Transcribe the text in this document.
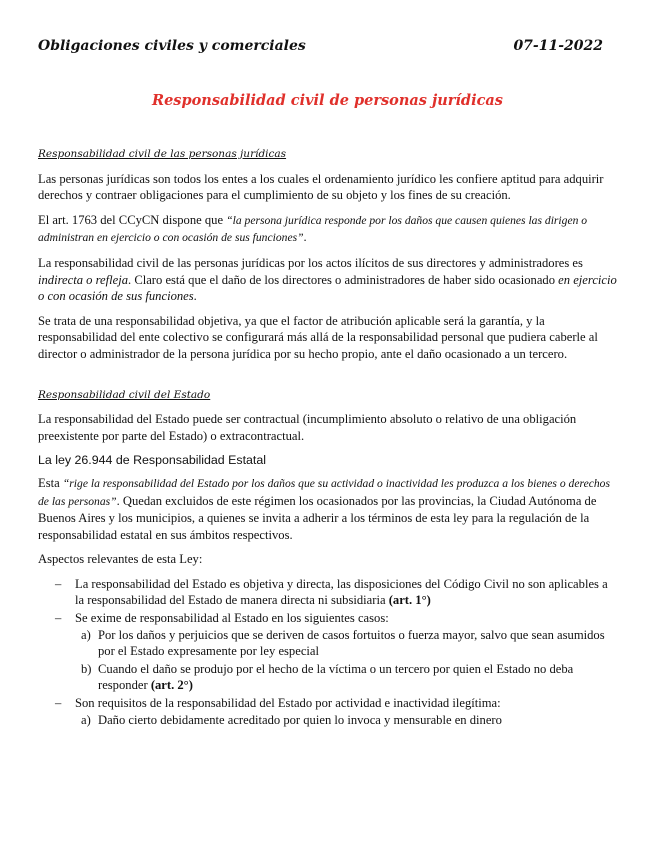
Obligaciones civiles y comerciales	07-11-2022
Responsabilidad civil de personas jurídicas
Responsabilidad civil de las personas jurídicas

Las personas jurídicas son todos los entes a los cuales el ordenamiento jurídico les confiere aptitud para adquirir derechos y contraer obligaciones para el cumplimiento de su objeto y los fines de su creación.

El art. 1763 del CCyCN dispone que “la persona jurídica responde por los daños que causen quienes las dirigen o administran en ejercicio o con ocasión de sus funciones”.

La responsabilidad civil de las personas jurídicas por los actos ilícitos de sus directores y administradores es indirecta o refleja. Claro está que el daño de los directores o administradores de haber sido ocasionado en ejercicio o con ocasión de sus funciones.

Se trata de una responsabilidad objetiva, ya que el factor de atribución aplicable será la garantía, y la responsabilidad del ente colectivo se configurará más allá de la responsabilidad personal que pudiera caberle al director o administrador de la persona jurídica por su hecho propio, ante el daño ocasionado a un tercero.

Responsabilidad civil del Estado

La responsabilidad del Estado puede ser contractual (incumplimiento absoluto o relativo de una obligación preexistente por parte del Estado) o extracontractual.

La ley 26.944 de Responsabilidad Estatal

Esta “rige la responsabilidad del Estado por los daños que su actividad o inactividad les produzca a los bienes o derechos de las personas”. Quedan excluidos de este régimen los ocasionados por las provincias, la Ciudad Autónoma de Buenos Aires y los municipios, a quienes se invita a adherir a los términos de esta ley para la regulación de la responsabilidad estatal en sus ámbitos respectivos.

Aspectos relevantes de esta Ley:

– La responsabilidad del Estado es objetiva y directa, las disposiciones del Código Civil no son aplicables a la responsabilidad del Estado de manera directa ni subsidiaria (art. 1°)
– Se exime de responsabilidad al Estado en los siguientes casos:
a) Por los daños y perjuicios que se deriven de casos fortuitos o fuerza mayor, salvo que sean asumidos por el Estado expresamente por ley especial
b) Cuando el daño se produjo por el hecho de la víctima o un tercero por quien el Estado no deba responder (art. 2°)
– Son requisitos de la responsabilidad del Estado por actividad e inactividad ilegítima:
a) Daño cierto debidamente acreditado por quien lo invoca y mensurable en dinero
